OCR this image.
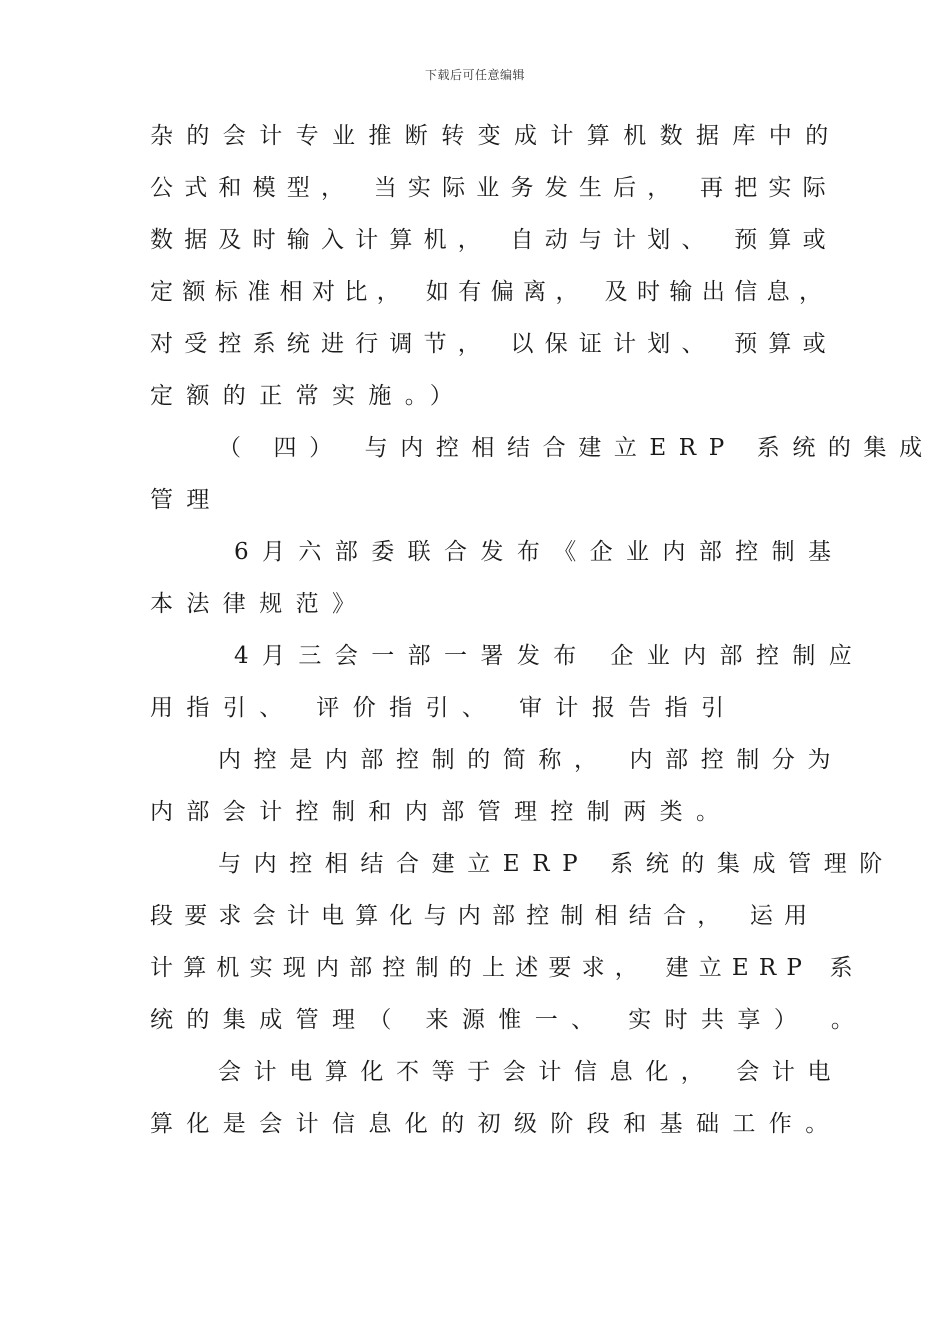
下载后可任意编辑
杂的会计专业推断转变成计算机数据库中的
公式和模型， 当实际业务发生后， 再把实际
数据及时输入计算机， 自动与计划、 预算或
定额标准相对比， 如有偏离， 及时输出信息，
对受控系统进行调节， 以保证计划、 预算或
定额的正常实施。）
（ 四） 与内控相结合建立ERP 系统的集成
管理
6月六部委联合发布《企业内部控制基
本法律规范》
4月三会一部一署发布 企业内部控制应
用指引、 评价指引、 审计报告指引
内控是内部控制的简称， 内部控制分为
内部会计控制和内部管理控制两类。
与内控相结合建立ERP 系统的集成管理阶
段要求会计电算化与内部控制相结合， 运用
计算机实现内部控制的上述要求， 建立ERP 系
统的集成管理（ 来源惟一、 实时共享） 。
会计电算化不等于会计信息化， 会计电
算化是会计信息化的初级阶段和基础工作。
